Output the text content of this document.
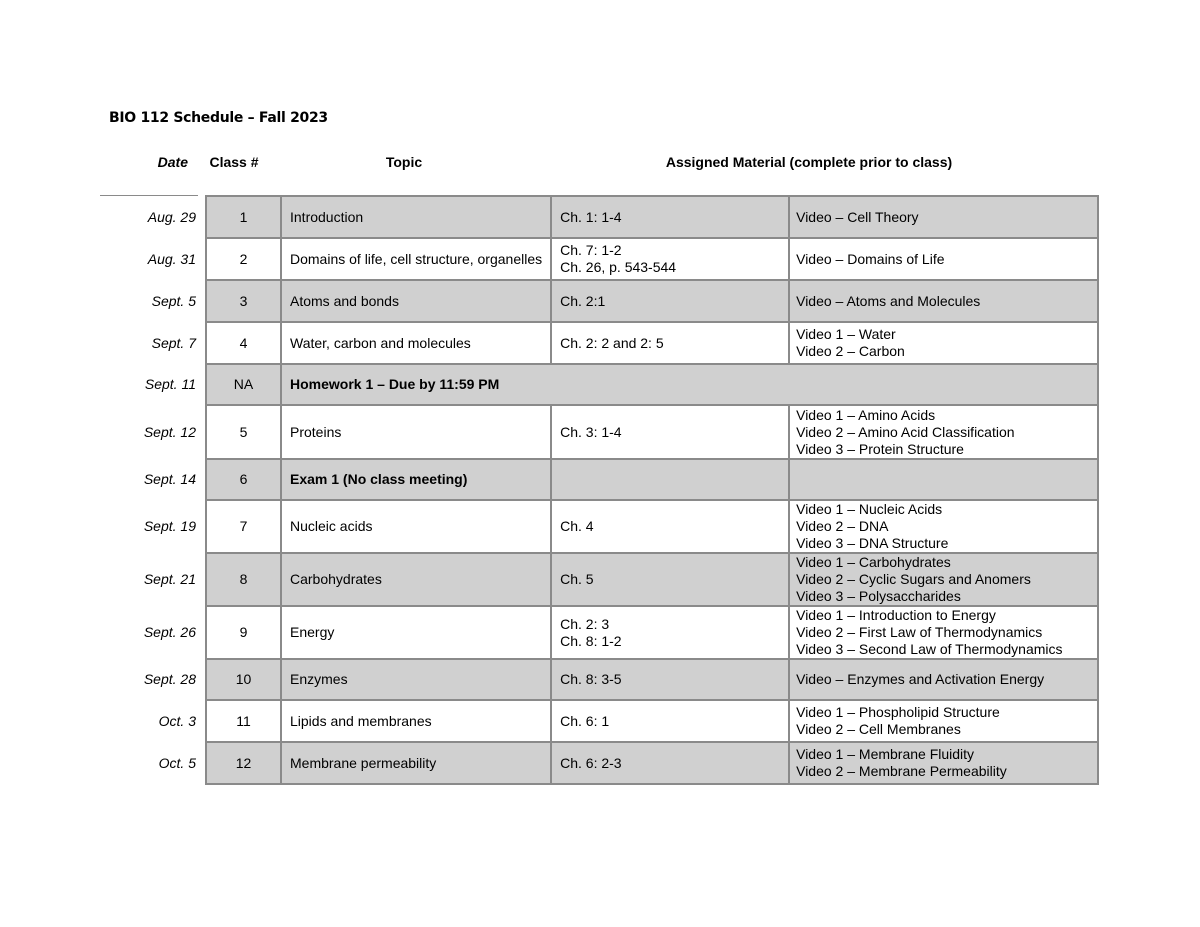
BIO 112 Schedule – Fall 2023
Date	Class #	Topic	Assigned Material (complete prior to class)
Aug. 29	1	Introduction	Ch. 1: 1-4	Video – Cell Theory

Aug. 31	2	Domains of life, cell structure, organelles	Ch. 7: 1-2
Ch. 26, p. 543-544	Video – Domains of Life

Sept. 5	3	Atoms and bonds	Ch. 2:1	Video – Atoms and Molecules

Sept. 7	4	Water, carbon and molecules	Ch. 2: 2 and 2: 5	Video 1 – Water
Video 2 – Carbon

Sept. 11	NA	Homework 1 – Due by 11:59 PM		
Sept. 12	5	Proteins	Ch. 3: 1-4	Video 1 – Amino Acids
Video 2 – Amino Acid Classification
Video 3 – Protein Structure

Sept. 14	6	Exam 1 (No class meeting)		
Sept. 19	7	Nucleic acids	Ch. 4	Video 1 – Nucleic Acids
Video 2 – DNA
Video 3 – DNA Structure

Sept. 21	8	Carbohydrates	Ch. 5	Video 1 – Carbohydrates
Video 2 – Cyclic Sugars and Anomers
Video 3 – Polysaccharides

Sept. 26	9	Energy	Ch. 2: 3
Ch. 8: 1-2	Video 1 – Introduction to Energy
Video 2 – First Law of Thermodynamics
Video 3 – Second Law of Thermodynamics

Sept. 28	10	Enzymes	Ch. 8: 3-5	Video – Enzymes and Activation Energy

Oct. 3	11	Lipids and membranes	Ch. 6: 1	Video 1 – Phospholipid Structure
Video 2 – Cell Membranes

Oct. 5	12	Membrane permeability	Ch. 6: 2-3	Video 1 – Membrane Fluidity
Video 2 – Membrane Permeability
